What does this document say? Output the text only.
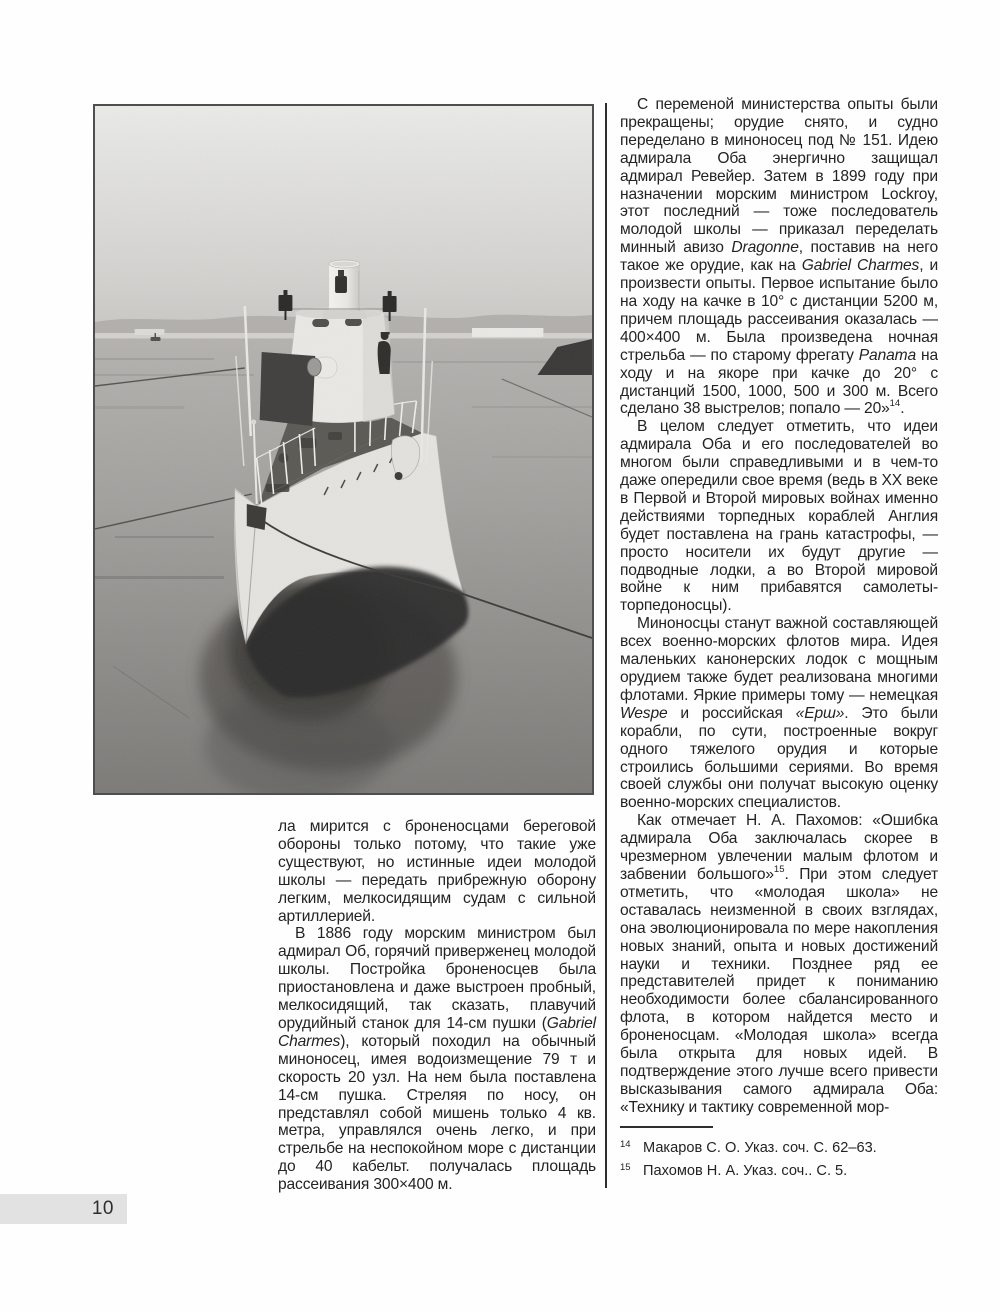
ла мирится с броненосцами береговой обороны только потому, что такие уже существуют, но истинные идеи молодой школы — передать прибрежную оборону легким, мелкосидящим судам с сильной артиллерией.

В 1886 году морским министром был адмирал Об, горячий приверженец молодой школы. Постройка броненосцев была приостановлена и даже выстроен пробный, мелкосидящий, так сказать, плавучий орудийный станок для 14-см пушки (Gabriel Charmes), который походил на обычный миноносец, имея водоизмещение 79 т и скорость 20 узл. На нем была поставлена 14-см пушка. Стреляя по носу, он представлял собой мишень только 4 кв. метра, управлялся очень легко, и при стрельбе на неспокойном море с дистанции до 40 кабельт. получалась площадь рассеивания 300×400 м.

С переменой министерства опыты были прекращены; орудие снято, и судно переделано в миноносец под № 151. Идею адмирала Оба энергично защищал адмирал Ревейер. Затем в 1899 году при назначении морским министром Lockroy, этот последний — тоже последователь молодой школы — приказал переделать минный авизо Dragonne, поставив на него такое же орудие, как на Gabriel Charmes, и произвести опыты. Первое испытание было на ходу на качке в 10° с дистанции 5200 м, причем площадь рассеивания оказалась — 400×400 м. Была произведена ночная стрельба — по старому фрегату Panama на ходу и на якоре при качке до 20° с дистанций 1500, 1000, 500 и 300 м. Всего сделано 38 выстрелов; попало — 20»$^{14}$.

В целом следует отметить, что идеи адмирала Оба и его последователей во многом были справедливыми и в чем-то даже опередили свое время (ведь в XX веке в Первой и Второй мировых войнах именно действиями торпедных кораблей Англия будет поставлена на грань катастрофы, — просто носители их будут другие — подводные лодки, а во Второй мировой войне к ним прибавятся самолеты-торпедоносцы).

Миноносцы станут важной составляющей всех военно-морских флотов мира. Идея маленьких канонерских лодок с мощным орудием также будет реализована многими флотами. Яркие примеры тому — немецкая Wespe и российская «Ерш». Это были корабли, по сути, построенные вокруг одного тяжелого орудия и которые строились большими сериями. Во время своей службы они получат высокую оценку военно-морских специалистов.

Как отмечает Н. А. Пахомов: «Ошибка адмирала Оба заключалась скорее в чрезмерном увлечении малым флотом и забвении большого»$^{15}$. При этом следует отметить, что «молодая школа» не оставалась неизменной в своих взглядах, она эволюционировала по мере накопления новых знаний, опыта и новых достижений науки и техники. Позднее ряд ее представителей придет к пониманию необходимости более сбалансированного флота, в котором найдется место и броненосцам. «Молодая школа» всегда была открыта для новых идей. В подтверждение этого лучше всего привести высказывания самого адмирала Оба: «Технику и тактику современной мор-

$^{14}$ Макаров С. О. Указ. соч. С. 62–63.
$^{15}$ Пахомов Н. А. Указ. соч.. С. 5.
10
